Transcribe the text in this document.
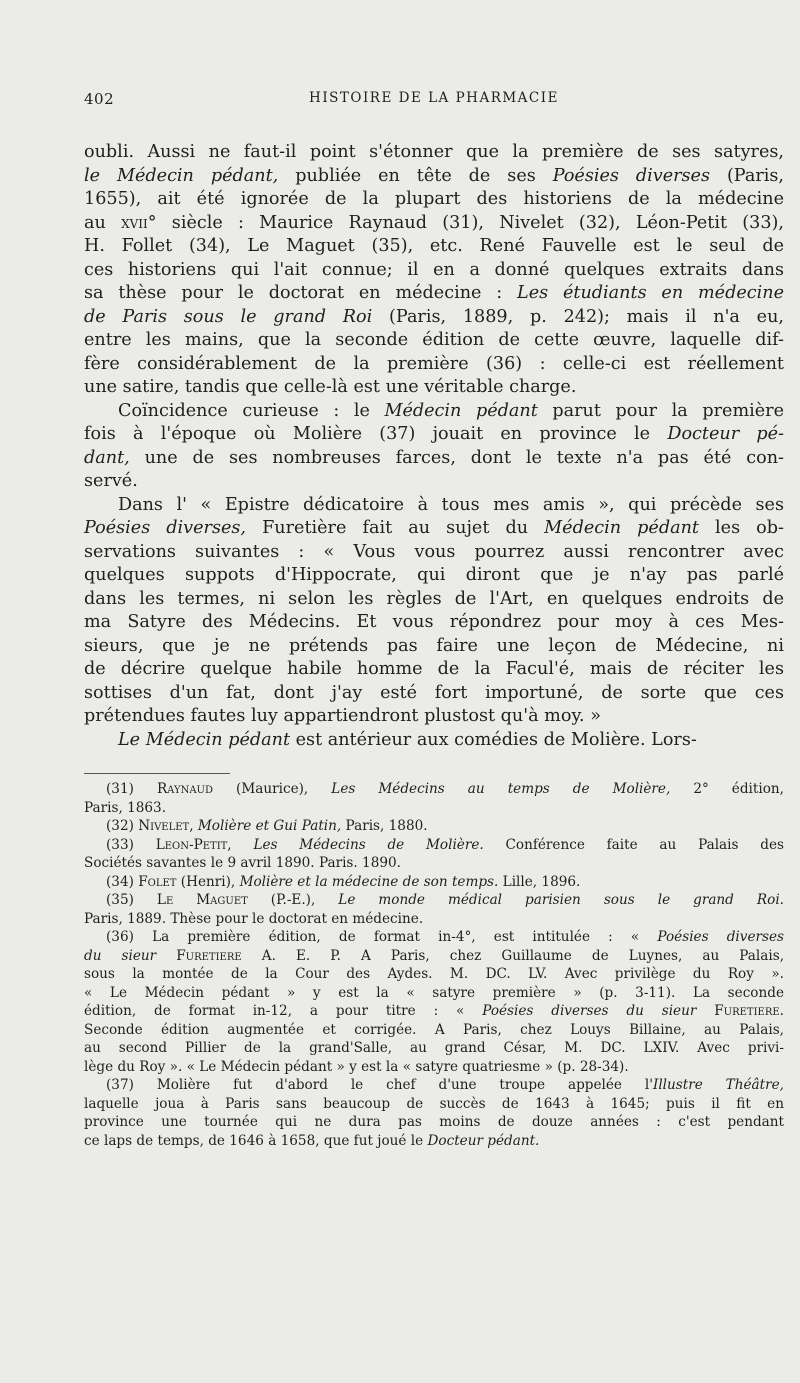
402	HISTOIRE DE LA PHARMACIE

oubli. Aussi ne faut-il point s'étonner que la première de ses satyres,
le Médecin pédant, publiée en tête de ses Poésies diverses (Paris,
1655), ait été ignorée de la plupart des historiens de la médecine
au xvii° siècle : Maurice Raynaud (31), Nivelet (32), Léon-Petit (33),
H. Follet (34), Le Maguet (35), etc. René Fauvelle est le seul de
ces historiens qui l'ait connue; il en a donné quelques extraits dans
sa thèse pour le doctorat en médecine : Les étudiants en médecine
de Paris sous le grand Roi (Paris, 1889, p. 242); mais il n'a eu,
entre les mains, que la seconde édition de cette œuvre, laquelle dif-
fère considérablement de la première (36) : celle-ci est réellement

une satire, tandis que celle-là est une véritable charge.

Coïncidence curieuse : le Médecin pédant parut pour la première
fois à l'époque où Molière (37) jouait en province le Docteur pé-
dant, une de ses nombreuses farces, dont le texte n'a pas été con-

servé.

Dans l' « Epistre dédicatoire à tous mes amis », qui précède ses
Poésies diverses, Furetière fait au sujet du Médecin pédant les ob-
servations suivantes : « Vous vous pourrez aussi rencontrer avec
quelques suppots d'Hippocrate, qui diront que je n'ay pas parlé
dans les termes, ni selon les règles de l'Art, en quelques endroits de
ma Satyre des Médecins. Et vous répondrez pour moy à ces Mes-
sieurs, que je ne prétends pas faire une leçon de Médecine, ni
de décrire quelque habile homme de la Facul'é, mais de réciter les
sottises d'un fat, dont j'ay esté fort importuné, de sorte que ces

prétendues fautes luy appartiendront plustost qu'à moy. »

Le Médecin pédant est antérieur aux comédies de Molière. Lors-

(31) Raynaud (Maurice), Les Médecins au temps de Molière, 2° édition,

Paris, 1863.

(32) Nivelet, Molière et Gui Patin, Paris, 1880.

(33) Leon-Petit, Les Médecins de Molière. Conférence faite au Palais des

Sociétés savantes le 9 avril 1890. Paris. 1890.

(34) Folet (Henri), Molière et la médecine de son temps. Lille, 1896.

(35) Le Maguet (P.-E.), Le monde médical parisien sous le grand Roi.

Paris, 1889. Thèse pour le doctorat en médecine.

(36) La première édition, de format in-4°, est intitulée : « Poésies diverses

du sieur Furetiere A. E. P. A Paris, chez Guillaume de Luynes, au Palais,

sous la montée de la Cour des Aydes. M. DC. LV. Avec privilège du Roy ».

« Le Médecin pédant » y est la « satyre première » (p. 3-11). La seconde

édition, de format in-12, a pour titre : « Poésies diverses du sieur Furetiere.

Seconde édition augmentée et corrigée. A Paris, chez Louys Billaine, au Palais,

au second Pillier de la grand'Salle, au grand César, M. DC. LXIV. Avec privi-

lège du Roy ». « Le Médecin pédant » y est la « satyre quatriesme » (p. 28-34).

(37) Molière fut d'abord le chef d'une troupe appelée l'Illustre Théâtre,

laquelle joua à Paris sans beaucoup de succès de 1643 à 1645; puis il fit en

province une tournée qui ne dura pas moins de douze années : c'est pendant

ce laps de temps, de 1646 à 1658, que fut joué le Docteur pédant.
